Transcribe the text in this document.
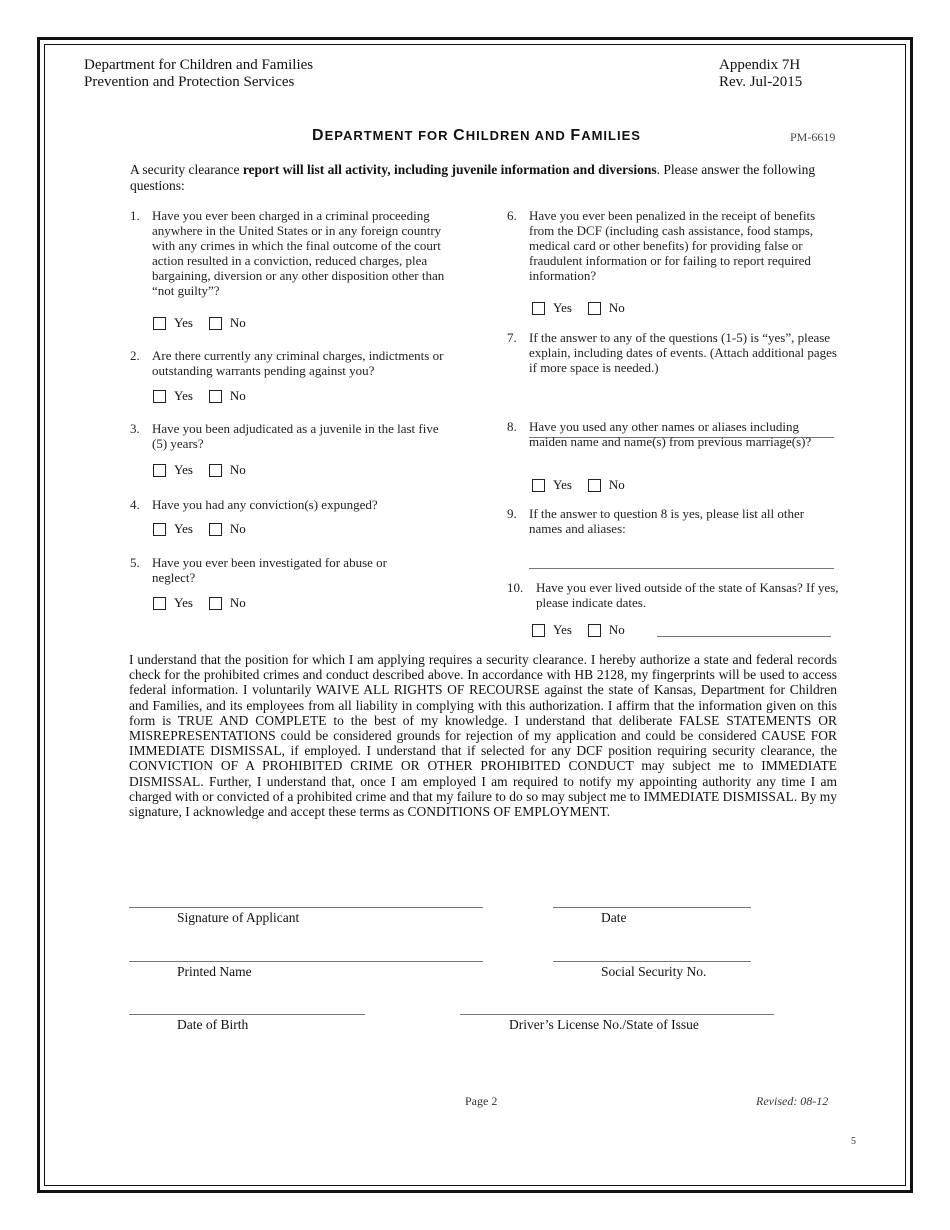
Department for Children and Families
Prevention and Protection Services
Appendix 7H
Rev. Jul-2015
DEPARTMENT FOR CHILDREN AND FAMILIES	PM-6619
A security clearance report will list all activity, including juvenile information and diversions. Please answer the following questions:
1. Have you ever been charged in a criminal proceeding anywhere in the United States or in any foreign country with any crimes in which the final outcome of the court action resulted in a conviction, reduced charges, plea bargaining, diversion or any other disposition other than “not guilty”?
Yes	No
2. Are there currently any criminal charges, indictments or outstanding warrants pending against you?
Yes	No
3. Have you been adjudicated as a juvenile in the last five (5) years?
Yes	No
4. Have you had any conviction(s) expunged?
Yes	No
5. Have you ever been investigated for abuse or neglect?
Yes	No
6. Have you ever been penalized in the receipt of benefits from the DCF (including cash assistance, food stamps, medical card or other benefits) for providing false or fraudulent information or for failing to report required information?
Yes	No
7. If the answer to any of the questions (1-5) is “yes”, please explain, including dates of events. (Attach additional pages if more space is needed.)
8. Have you used any other names or aliases including maiden name and name(s) from previous marriage(s)?
Yes	No
9. If the answer to question 8 is yes, please list all other names and aliases:
10. Have you ever lived outside of the state of Kansas? If yes, please indicate dates.
Yes	No
I understand that the position for which I am applying requires a security clearance. I hereby authorize a state and federal records check for the prohibited crimes and conduct described above. In accordance with HB 2128, my fingerprints will be used to access federal information. I voluntarily WAIVE ALL RIGHTS OF RECOURSE against the state of Kansas, Department for Children and Families, and its employees from all liability in complying with this authorization. I affirm that the information given on this form is TRUE AND COMPLETE to the best of my knowledge. I understand that deliberate FALSE STATEMENTS OR MISREPRESENTATIONS could be considered grounds for rejection of my application and could be considered CAUSE FOR IMMEDIATE DISMISSAL, if employed. I understand that if selected for any DCF position requiring security clearance, the CONVICTION OF A PROHIBITED CRIME OR OTHER PROHIBITED CONDUCT may subject me to IMMEDIATE DISMISSAL. Further, I understand that, once I am employed I am required to notify my appointing authority any time I am charged with or convicted of a prohibited crime and that my failure to do so may subject me to IMMEDIATE DISMISSAL. By my signature, I acknowledge and accept these terms as CONDITIONS OF EMPLOYMENT.
Signature of Applicant	Date
Printed Name	Social Security No.
Date of Birth	Driver’s License No./State of Issue
Page 2	Revised: 08-12
5
